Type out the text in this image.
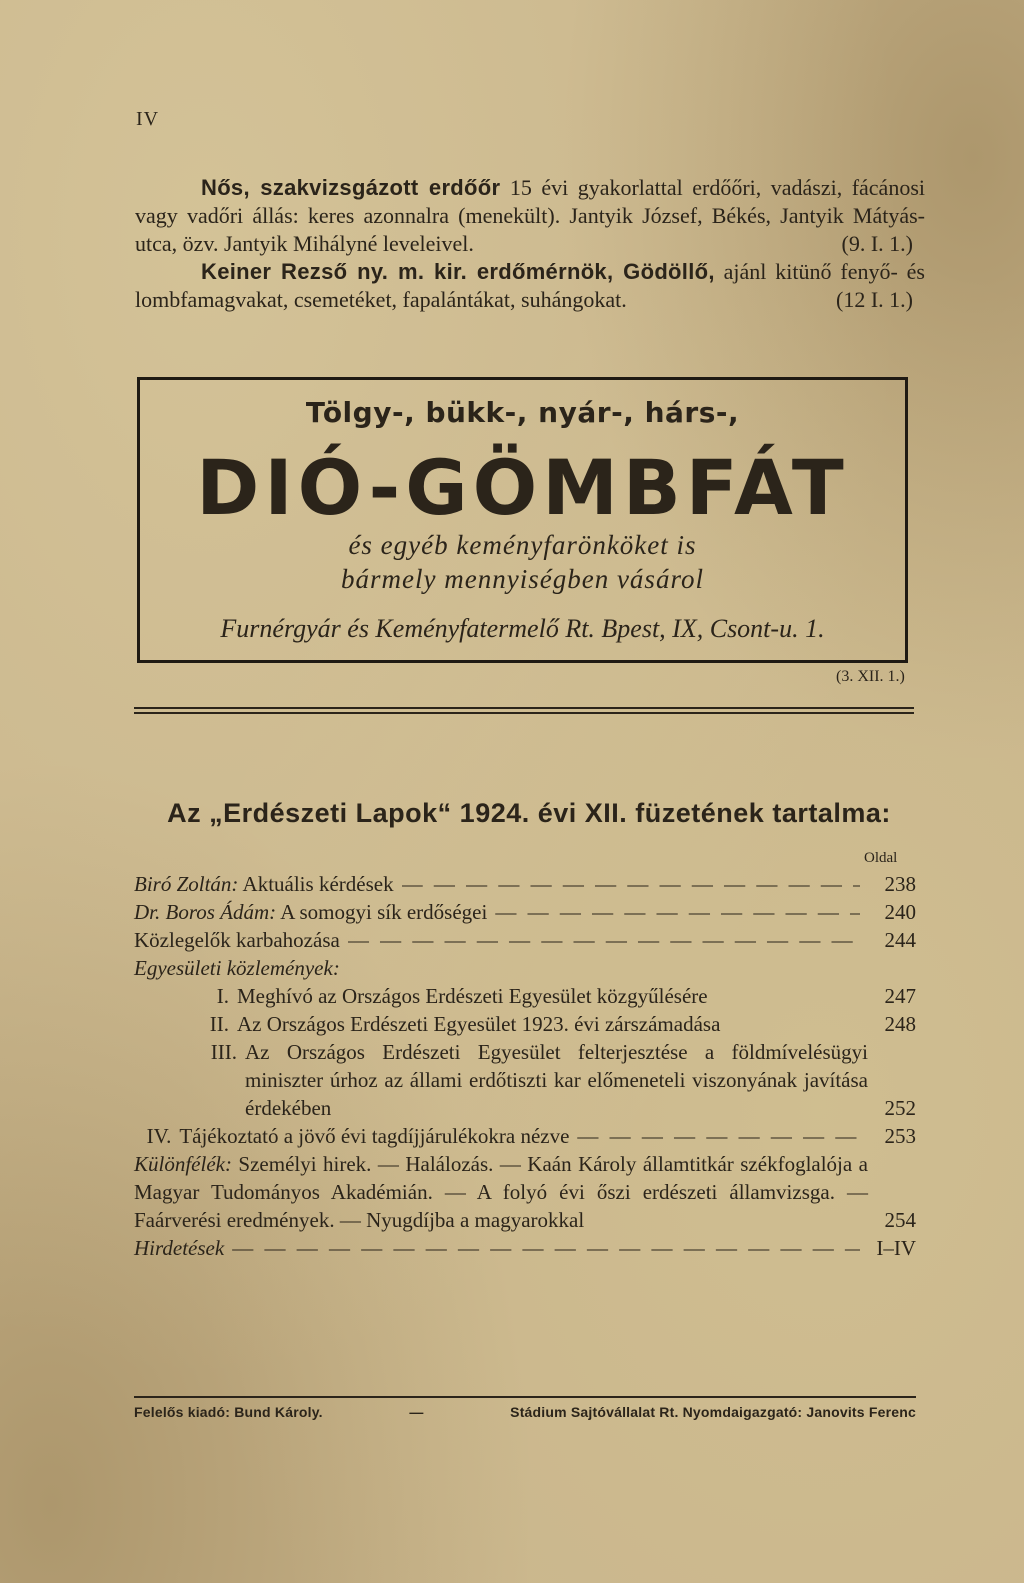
IV

Nős, szakvizsgázott erdőőr 15 évi gyakorlattal erdőőri, vadászi, fácánosi vagy vadőri állás: keres azonnalra (menekült). Jantyik József, Békés, Jantyik Mátyás-utca, özv. Jantyik Mihályné leveleivel.	(9. I. 1.)

Keiner Rezső ny. m. kir. erdőmérnök, Gödöllő, ajánl kitünő fenyő- és lombfamagvakat, csemetéket, fapalántákat, suhángokat.	(12 I. 1.)

Tölgy-, bükk-, nyár-, hárs-,
DIÓ-GÖMBFÁT
és egyéb keményfarönköket is
bármely mennyiségben vásárol
Furnérgyár és Keményfatermelő Rt. Bpest, IX, Csont-u. 1.
(3. XII. 1.)
Az „Erdészeti Lapok“ 1924. évi XII. füzetének tartalma:
Oldal
Biró Zoltán: Aktuális kérdések — — —	238
Dr. Boros Ádám: A somogyi sík erdőségei — — —	240
Közlegelők karbahozása — — —	244
Egyesületi közlemények:
I. Meghívó az Országos Erdészeti Egyesület közgyűlésére	247
II. Az Országos Erdészeti Egyesület 1923. évi zárszámadása	248
III. Az Országos Erdészeti Egyesület felterjesztése a földmívelésügyi miniszter úrhoz az állami erdőtiszti kar előmeneteli viszonyának javítása érdekében	252
IV. Tájékoztató a jövő évi tagdíjjárulékokra nézve — — —	253
Különfélék: Személyi hirek. — Halálozás. — Kaán Károly államtitkár székfoglalója a Magyar Tudományos Akadémián. — A folyó évi őszi erdészeti államvizsga. — Faárverési eredmények. — Nyugdíjba a magyarokkal	254
Hirdetések — — —	I–IV
Felelős kiadó: Bund Károly.	—	Stádium Sajtóvállalat Rt. Nyomdaigazgató: Janovits Ferenc
